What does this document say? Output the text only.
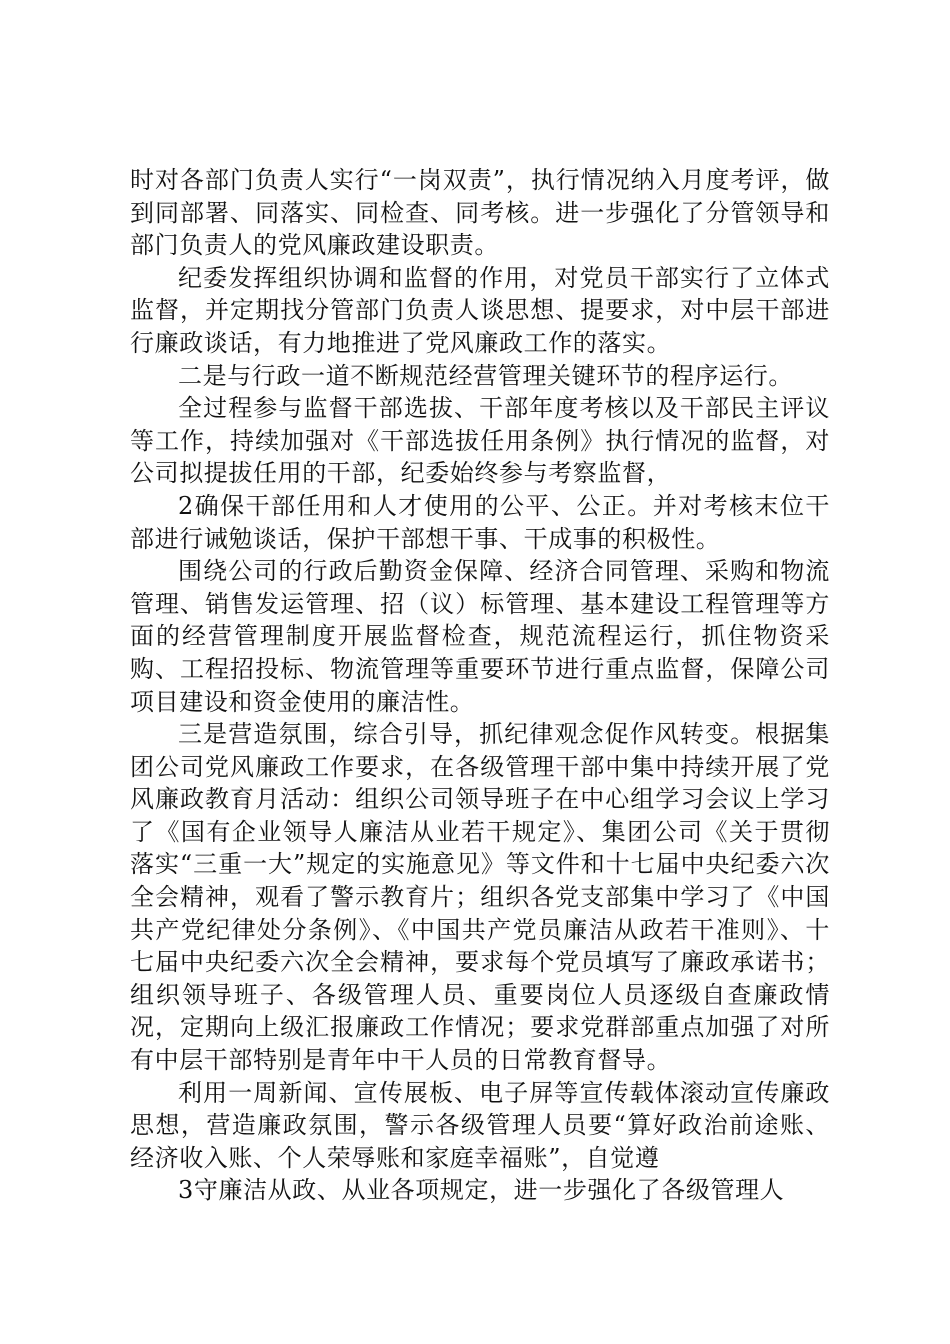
时对各部门负责人实行“一岗双责”，执行情况纳入月度考评，做到同部署、同落实、同检查、同考核。进一步强化了分管领导和部门负责人的党风廉政建设职责。

纪委发挥组织协调和监督的作用，对党员干部实行了立体式监督，并定期找分管部门负责人谈思想、提要求，对中层干部进行廉政谈话，有力地推进了党风廉政工作的落实。

二是与行政一道不断规范经营管理关键环节的程序运行。

全过程参与监督干部选拔、干部年度考核以及干部民主评议等工作，持续加强对《干部选拔任用条例》执行情况的监督，对公司拟提拔任用的干部，纪委始终参与考察监督，

2确保干部任用和人才使用的公平、公正。并对考核末位干部进行诫勉谈话，保护干部想干事、干成事的积极性。

围绕公司的行政后勤资金保障、经济合同管理、采购和物流管理、销售发运管理、招（议）标管理、基本建设工程管理等方面的经营管理制度开展监督检查，规范流程运行，抓住物资采购、工程招投标、物流管理等重要环节进行重点监督，保障公司项目建设和资金使用的廉洁性。

三是营造氛围，综合引导，抓纪律观念促作风转变。根据集团公司党风廉政工作要求，在各级管理干部中集中持续开展了党风廉政教育月活动：组织公司领导班子在中心组学习会议上学习了《国有企业领导人廉洁从业若干规定》、集团公司《关于贯彻落实“三重一大”规定的实施意见》等文件和十七届中央纪委六次全会精神，观看了警示教育片；组织各党支部集中学习了《中国共产党纪律处分条例》、《中国共产党员廉洁从政若干准则》、十七届中央纪委六次全会精神，要求每个党员填写了廉政承诺书；组织领导班子、各级管理人员、重要岗位人员逐级自查廉政情况，定期向上级汇报廉政工作情况；要求党群部重点加强了对所有中层干部特别是青年中干人员的日常教育督导。

利用一周新闻、宣传展板、电子屏等宣传载体滚动宣传廉政思想，营造廉政氛围，警示各级管理人员要“算好政治前途账、经济收入账、个人荣辱账和家庭幸福账”，自觉遵

3守廉洁从政、从业各项规定，进一步强化了各级管理人
